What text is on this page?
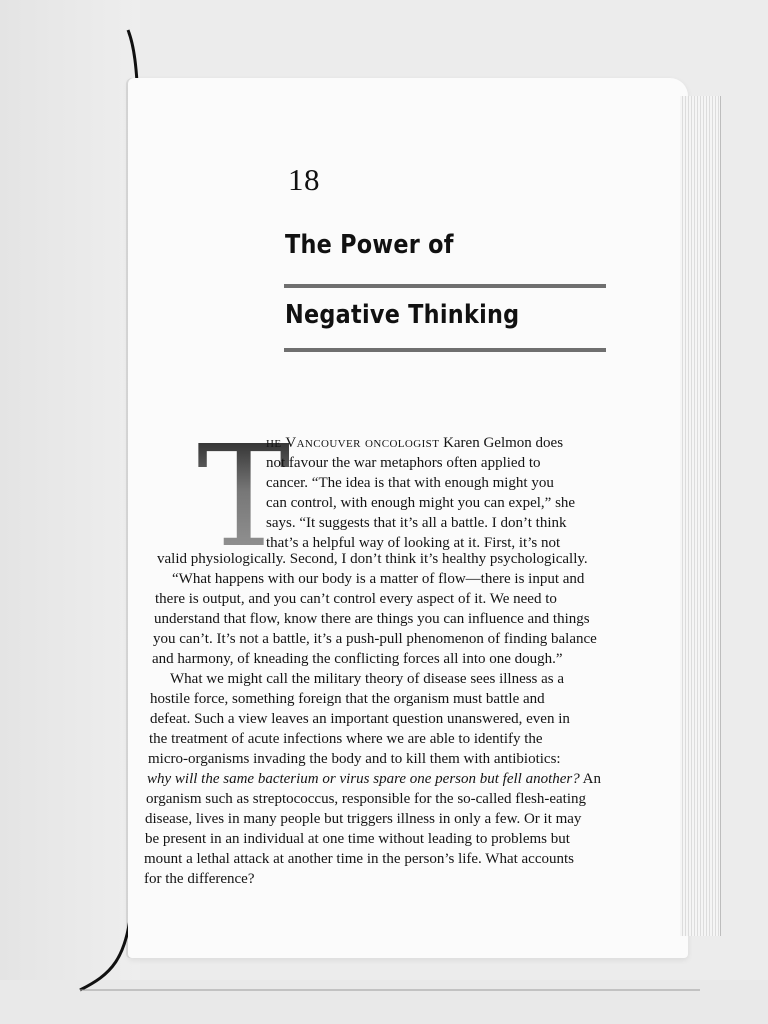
18
The Power of
Negative Thinking
T
he Vancouver oncologist Karen Gelmon does
not favour the war metaphors often applied to
cancer. “The idea is that with enough might you
can control, with enough might you can expel,” she
says. “It suggests that it’s all a battle. I don’t think
that’s a helpful way of looking at it. First, it’s not
valid physiologically. Second, I don’t think it’s healthy psychologically.
“What happens with our body is a matter of flow—there is input and
there is output, and you can’t control every aspect of it. We need to
understand that flow, know there are things you can influence and things
you can’t. It’s not a battle, it’s a push-pull phenomenon of finding balance
and harmony, of kneading the conflicting forces all into one dough.”
What we might call the military theory of disease sees illness as a
hostile force, something foreign that the organism must battle and
defeat. Such a view leaves an important question unanswered, even in
the treatment of acute infections where we are able to identify the
micro-organisms invading the body and to kill them with antibiotics:
why will the same bacterium or virus spare one person but fell another? An
organism such as streptococcus, responsible for the so-called flesh-eating
disease, lives in many people but triggers illness in only a few. Or it may
be present in an individual at one time without leading to problems but
mount a lethal attack at another time in the person’s life. What accounts
for the difference?
